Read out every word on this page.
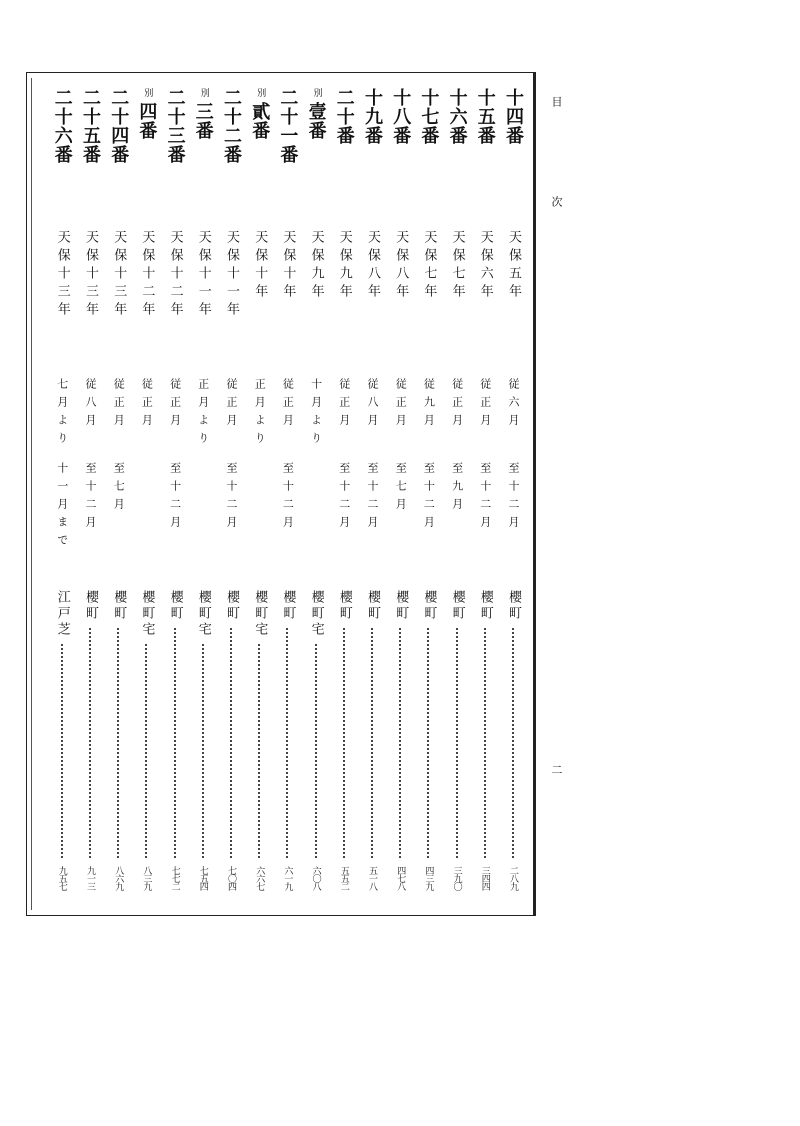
目
次
二
十四番
天保五年
従六月
至十二月
櫻町
二八九
十五番
天保六年
従正月
至十二月
櫻町
三四四
十六番
天保七年
従正月
至九月
櫻町
三九〇
十七番
天保七年
従九月
至十二月
櫻町
四三九
十八番
天保八年
従正月
至七月
櫻町
四七八
十九番
天保八年
従八月
至十二月
櫻町
五一八
二十番
天保九年
従正月
至十二月
櫻町
五五二
別
壹番
天保九年
十月より
櫻町宅
六〇八
二十一番
天保十年
従正月
至十二月
櫻町
六一九
別
貳番
天保十年
正月より
櫻町宅
六六七
二十二番
天保十一年
従正月
至十二月
櫻町
七〇四
別
三番
天保十一年
正月より
櫻町宅
七五四
二十三番
天保十二年
従正月
至十二月
櫻町
七七二
別
四番
天保十二年
従正月
櫻町宅
八三九
二十四番
天保十三年
従正月
至七月
櫻町
八六九
二十五番
天保十三年
従八月
至十二月
櫻町
九一三
二十六番
天保十三年
七月より
十一月まで
江戸芝
九五七
